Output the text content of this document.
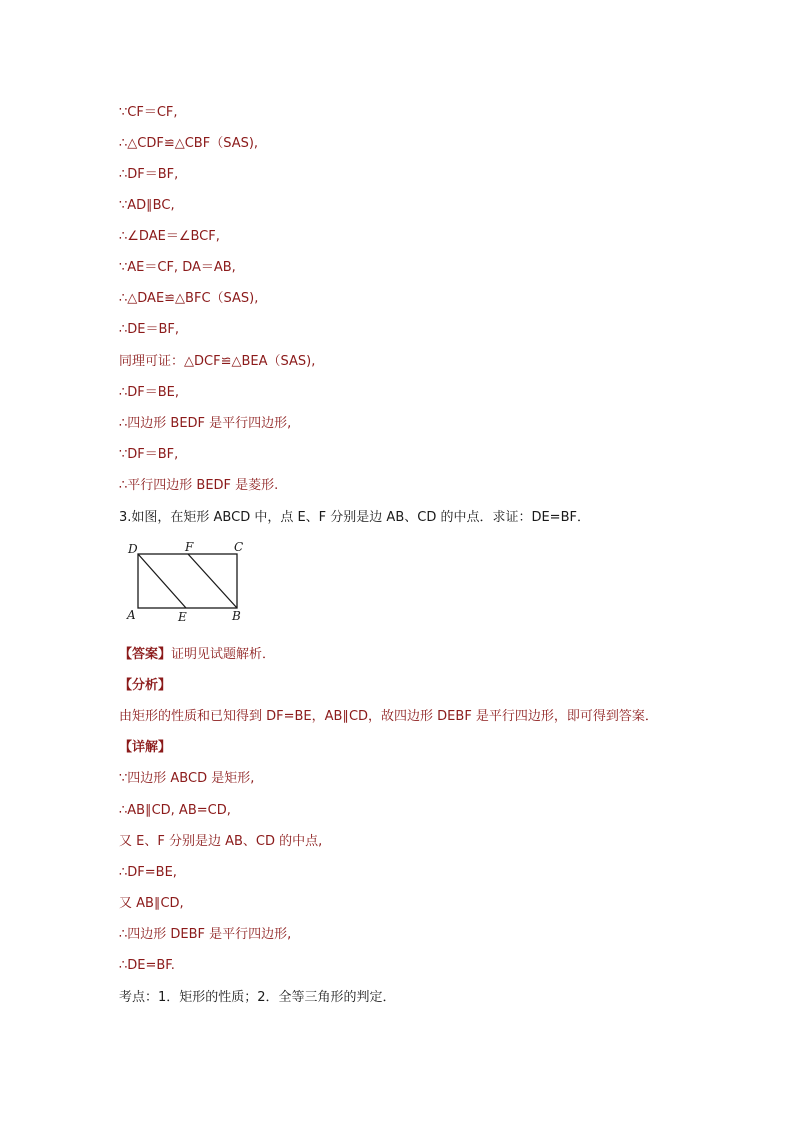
∵CF＝CF,
∴△CDF≌△CBF（SAS),
∴DF＝BF,
∵AD∥BC,
∴∠DAE＝∠BCF,
∵AE＝CF, DA＝AB,
∴△DAE≌△BFC（SAS),
∴DE＝BF,
同理可证：△DCF≌△BEA（SAS),
∴DF＝BE,
∴四边形 BEDF 是平行四边形,
∵DF＝BF,
∴平行四边形 BEDF 是菱形.
3.如图，在矩形 ABCD 中，点 E、F 分别是边 AB、CD 的中点．求证：DE=BF．
D	F	C
A	E	B
【答案】证明见试题解析．
【分析】
由矩形的性质和已知得到 DF=BE，AB∥CD，故四边形 DEBF 是平行四边形，即可得到答案．
【详解】
∵四边形 ABCD 是矩形,
∴AB∥CD, AB=CD,
又 E、F 分别是边 AB、CD 的中点,
∴DF=BE,
又 AB∥CD,
∴四边形 DEBF 是平行四边形,
∴DE=BF.
考点：1．矩形的性质；2．全等三角形的判定．
